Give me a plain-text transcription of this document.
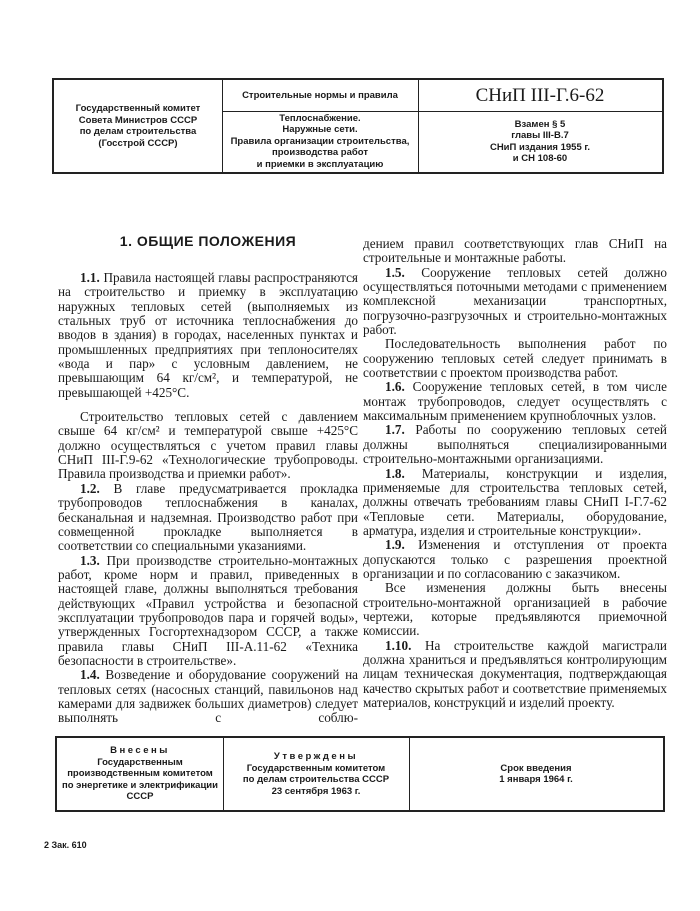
Государственный комитет
Совета Министров СССР
по делам строительства
(Госстрой СССР)
Строительные нормы и правила	СНиП III-Г.6-62
Теплоснабжение.
Наружные сети.
Правила организации строительства,
производства работ
и приемки в эксплуатацию
Взамен § 5
главы III-В.7
СНиП издания 1955 г.
и СН 108-60
1. ОБЩИЕ ПОЛОЖЕНИЯ

1.1. Правила настоящей главы распространяются на строительство и приемку в эксплуатацию наружных тепловых сетей (выполняемых из стальных труб от источника теплоснабжения до вводов в здания) в городах, населенных пунктах и промышленных предприятиях при теплоносителях «вода и пар» с условным давлением, не превышающим 64 кг/см², и температурой, не превышающей +425°С.

Строительство тепловых сетей с давлением свыше 64 кг/см² и температурой свыше +425°С должно осуществляться с учетом правил главы СНиП III-Г.9-62 «Технологические трубопроводы. Правила производства и приемки работ».

1.2. В главе предусматривается прокладка трубопроводов теплоснабжения в каналах, бесканальная и надземная. Производство работ при совмещенной прокладке выполняется в соответствии со специальными указаниями.

1.3. При производстве строительно-монтажных работ, кроме норм и правил, приведенных в настоящей главе, должны выполняться требования действующих «Правил устройства и безопасной эксплуатации трубопроводов пара и горячей воды», утвержденных Госгортехнадзором СССР, а также правила главы СНиП III-А.11-62 «Техника безопасности в строительстве».

1.4. Возведение и оборудование сооружений на тепловых сетях (насосных станций, павильонов над камерами для задвижек больших диаметров) следует выполнять с соблю-

дением правил соответствующих глав СНиП на строительные и монтажные работы.

1.5. Сооружение тепловых сетей должно осуществляться поточными методами с применением комплексной механизации транспортных, погрузочно-разгрузочных и строительно-монтажных работ.

Последовательность выполнения работ по сооружению тепловых сетей следует принимать в соответствии с проектом производства работ.

1.6. Сооружение тепловых сетей, в том числе монтаж трубопроводов, следует осуществлять с максимальным применением крупноблочных узлов.

1.7. Работы по сооружению тепловых сетей должны выполняться специализированными строительно-монтажными организациями.

1.8. Материалы, конструкции и изделия, применяемые для строительства тепловых сетей, должны отвечать требованиям главы СНиП I-Г.7-62 «Тепловые сети. Материалы, оборудование, арматура, изделия и строительные конструкции».

1.9. Изменения и отступления от проекта допускаются только с разрешения проектной организации и по согласованию с заказчиком.

Все изменения должны быть внесены строительно-монтажной организацией в рабочие чертежи, которые предъявляются приемочной комиссии.

1.10. На строительстве каждой магистрали должна храниться и предъявляться контролирующим лицам техническая документация, подтверждающая качество скрытых работ и соответствие применяемых материалов, конструкций и изделий проекту.

Внесены
Государственным
производственным комитетом
по энергетике и электрификации
СССР
Утверждены
Государственным комитетом
по делам строительства СССР
23 сентября 1963 г.
Срок введения
1 января 1964 г.
2 Зак. 610
